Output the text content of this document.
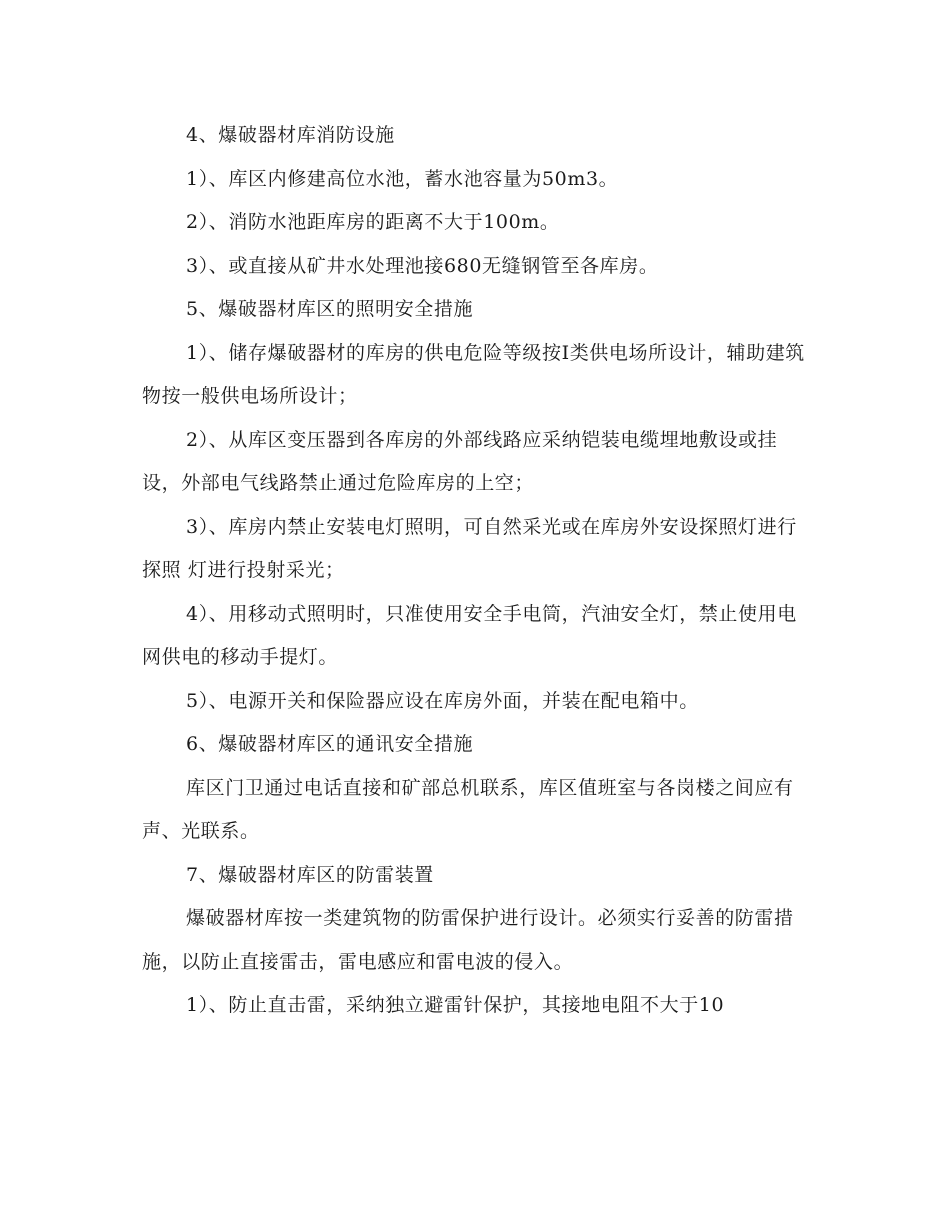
4、爆破器材库消防设施

1）、库区内修建高位水池，蓄水池容量为50m3。

2）、消防水池距库房的距离不大于100m。

3）、或直接从矿井水处理池接680无缝钢管至各库房。

5、爆破器材库区的照明安全措施

1）、储存爆破器材的库房的供电危险等级按Ⅰ类供电场所设计，辅助建筑物按一般供电场所设计；

2）、从库区变压器到各库房的外部线路应采纳铠装电缆埋地敷设或挂设，外部电气线路禁止通过危险库房的上空；

3）、库房内禁止安装电灯照明，可自然采光或在库房外安设探照灯进行探照 灯进行投射采光；

4）、用移动式照明时，只准使用安全手电筒，汽油安全灯，禁止使用电网供电的移动手提灯。

5）、电源开关和保险器应设在库房外面，并装在配电箱中。

6、爆破器材库区的通讯安全措施

库区门卫通过电话直接和矿部总机联系，库区值班室与各岗楼之间应有声、光联系。

7、爆破器材库区的防雷装置

爆破器材库按一类建筑物的防雷保护进行设计。必须实行妥善的防雷措施，以防止直接雷击，雷电感应和雷电波的侵入。

1）、防止直击雷，采纳独立避雷针保护，其接地电阻不大于10
